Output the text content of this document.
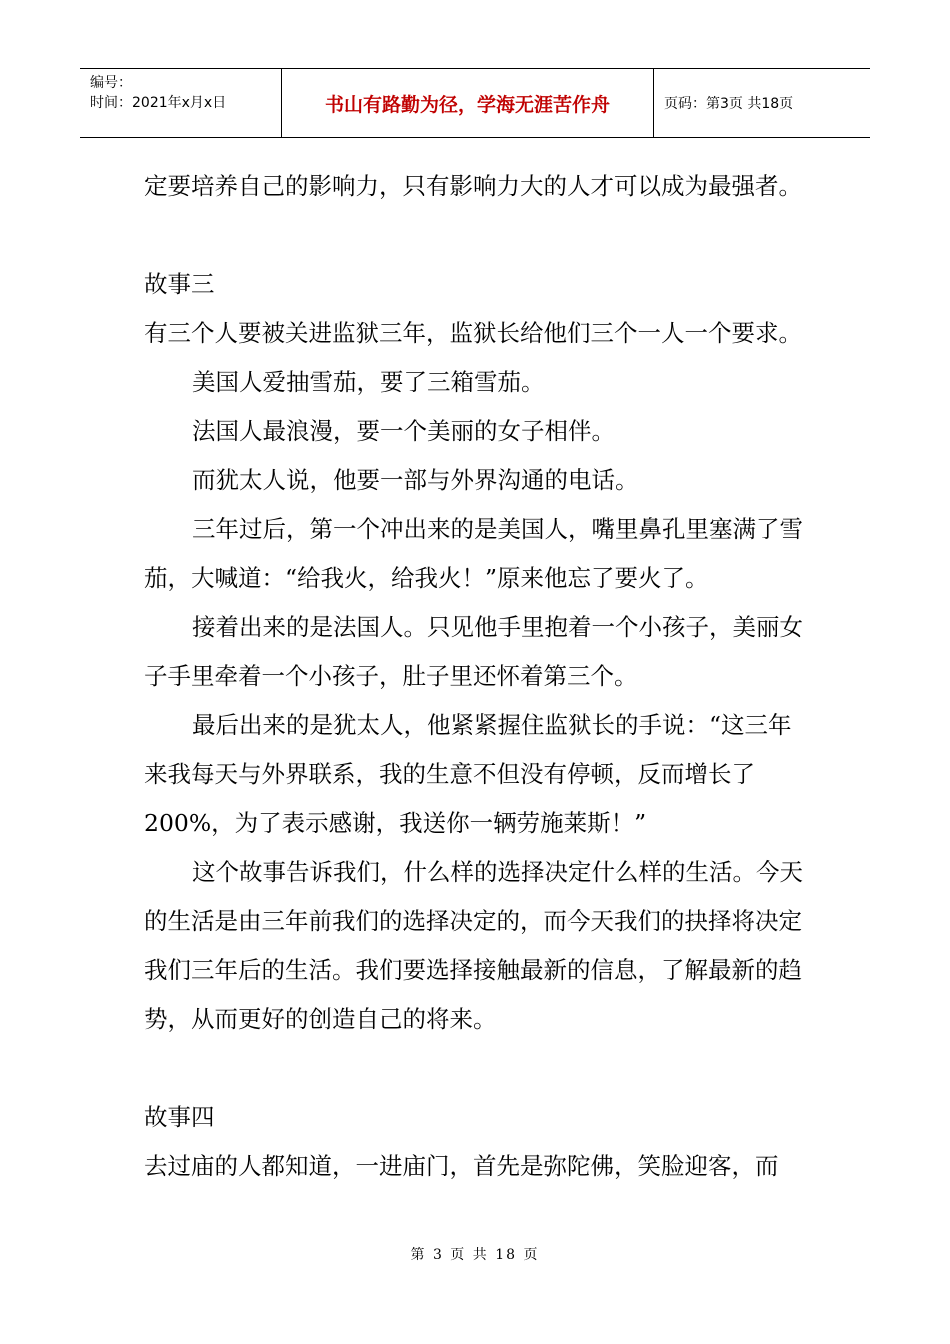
编号：
时间：2021年x月x日	书山有路勤为径，学海无涯苦作舟	页码：第3页 共18页

定要培养自己的影响力，只有影响力大的人才可以成为最强者。

故事三

有三个人要被关进监狱三年，监狱长给他们三个一人一个要求。

美国人爱抽雪茄，要了三箱雪茄。

法国人最浪漫，要一个美丽的女子相伴。

而犹太人说，他要一部与外界沟通的电话。

三年过后，第一个冲出来的是美国人，嘴里鼻孔里塞满了雪茄，大喊道：“给我火，给我火！”原来他忘了要火了。

接着出来的是法国人。只见他手里抱着一个小孩子，美丽女子手里牵着一个小孩子，肚子里还怀着第三个。

最后出来的是犹太人，他紧紧握住监狱长的手说：“这三年来我每天与外界联系，我的生意不但没有停顿，反而增长了200%，为了表示感谢，我送你一辆劳施莱斯！”

这个故事告诉我们，什么样的选择决定什么样的生活。今天的生活是由三年前我们的选择决定的，而今天我们的抉择将决定我们三年后的生活。我们要选择接触最新的信息，了解最新的趋势，从而更好的创造自己的将来。

故事四

去过庙的人都知道，一进庙门，首先是弥陀佛，笑脸迎客，而

第 3 页 共 18 页
